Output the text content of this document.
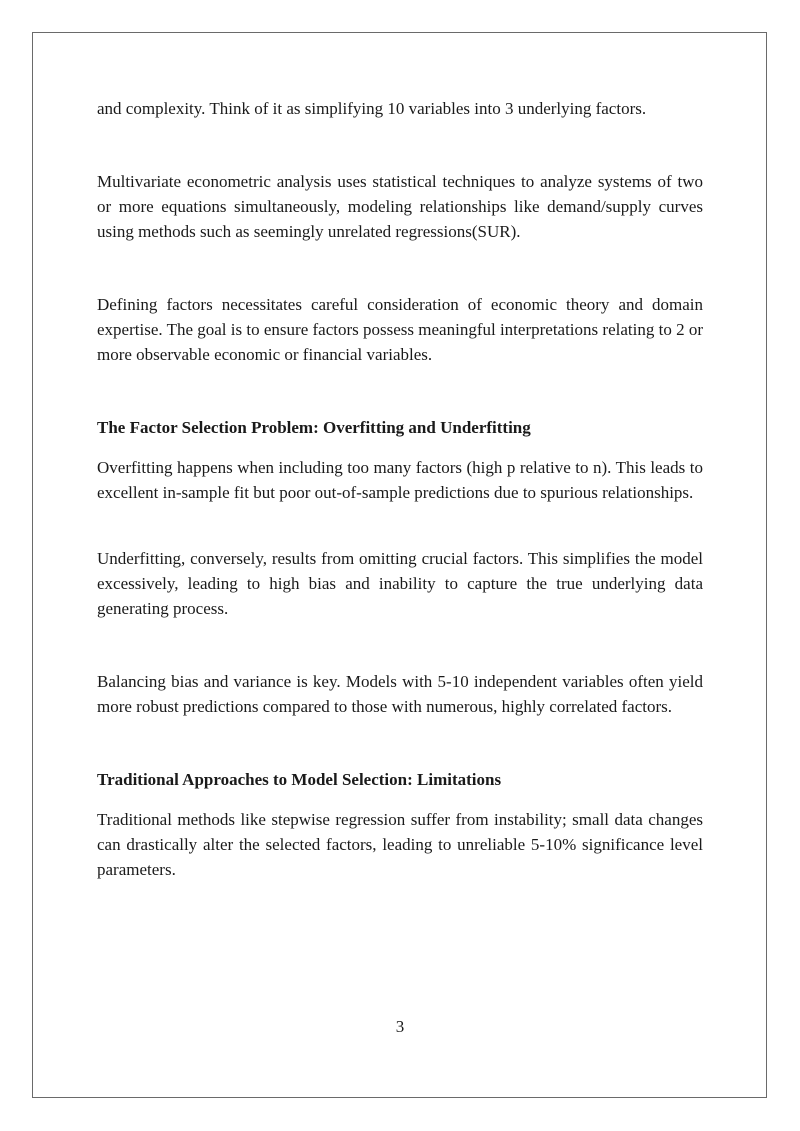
and complexity. Think of it as simplifying 10 variables into 3 underlying factors.

Multivariate econometric analysis uses statistical techniques to analyze systems of two or more equations simultaneously, modeling relationships like demand/supply curves using methods such as seemingly unrelated regressions(SUR).

Defining factors necessitates careful consideration of economic theory and domain expertise. The goal is to ensure factors possess meaningful interpretations relating to 2 or more observable economic or financial variables.

The Factor Selection Problem: Overfitting and Underfitting

Overfitting happens when including too many factors (high p relative to n). This leads to excellent in-sample fit but poor out-of-sample predictions due to spurious relationships.

Underfitting, conversely, results from omitting crucial factors. This simplifies the model excessively, leading to high bias and inability to capture the true underlying data generating process.

Balancing bias and variance is key. Models with 5-10 independent variables often yield more robust predictions compared to those with numerous, highly correlated factors.

Traditional Approaches to Model Selection: Limitations

Traditional methods like stepwise regression suffer from instability; small data changes can drastically alter the selected factors, leading to unreliable 5-10% significance level parameters.

3
